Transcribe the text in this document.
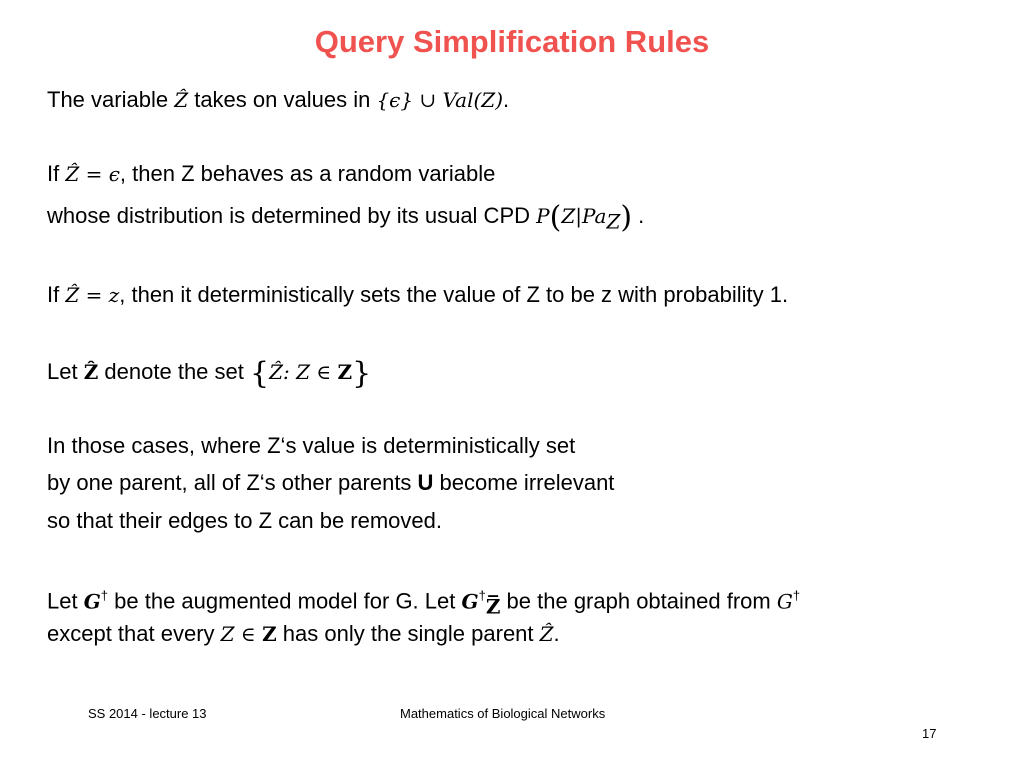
Query Simplification Rules
The variable Ẑ takes on values in {ϵ} ∪ Val(Z).
If Ẑ = ϵ, then Z behaves as a random variable
whose distribution is determined by its usual CPD $P(Z|Pa_Z)$ .
If Ẑ = z, then it deterministically sets the value of Z to be z with probability 1.
Let Ẑ denote the set {Ẑ: Z ∈ Z}
In those cases, where Z‘s value is deterministically set
by one parent, all of Z‘s other parents U become irrelevant
so that their edges to Z can be removed.
Let G† be the augmented model for G. Let $G^\dagger_{Z̅}$ be the graph obtained from G†
except that every Z ∈ Z has only the single parent Ẑ.
SS 2014 - lecture 13	Mathematics of Biological Networks
17
